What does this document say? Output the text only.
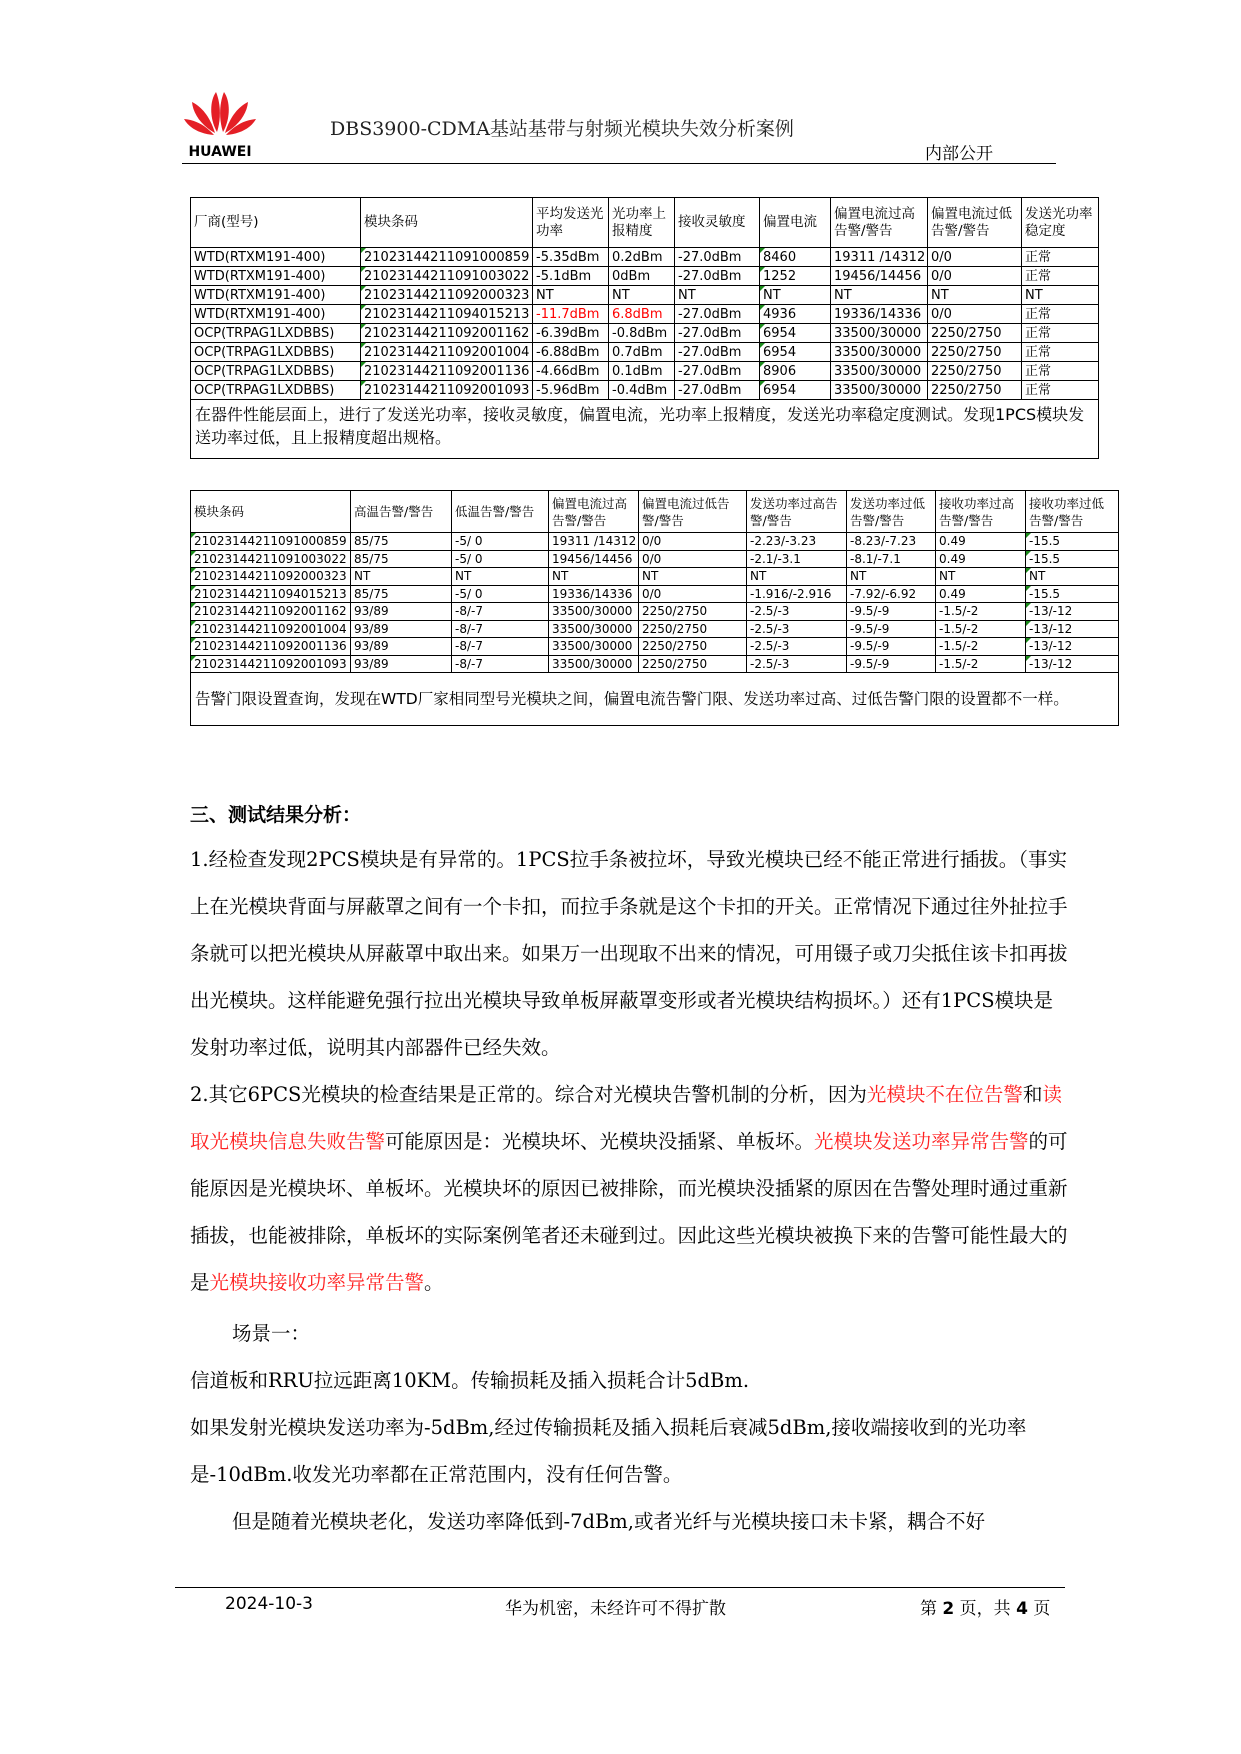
HUAWEI
DBS3900-CDMA基站基带与射频光模块失效分析案例
内部公开
厂商(型号)	模块条码	平均发送光功率	光功率上报精度	接收灵敏度	偏置电流	偏置电流过高告警/警告	偏置电流过低告警/警告	发送光功率稳定度
WTD(RTXM191-400)	21023144211091000859	-5.35dBm	0.2dBm	-27.0dBm	8460	19311 /14312	0/0	正常
WTD(RTXM191-400)	21023144211091003022	-5.1dBm	0dBm	-27.0dBm	1252	19456/14456	0/0	正常
WTD(RTXM191-400)	21023144211092000323	NT	NT	NT	NT	NT	NT	NT
WTD(RTXM191-400)	21023144211094015213	-11.7dBm	6.8dBm	-27.0dBm	4936	19336/14336	0/0	正常
OCP(TRPAG1LXDBBS)	21023144211092001162	-6.39dBm	-0.8dBm	-27.0dBm	6954	33500/30000	2250/2750	正常
OCP(TRPAG1LXDBBS)	21023144211092001004	-6.88dBm	0.7dBm	-27.0dBm	6954	33500/30000	2250/2750	正常
OCP(TRPAG1LXDBBS)	21023144211092001136	-4.66dBm	0.1dBm	-27.0dBm	8906	33500/30000	2250/2750	正常
OCP(TRPAG1LXDBBS)	21023144211092001093	-5.96dBm	-0.4dBm	-27.0dBm	6954	33500/30000	2250/2750	正常
在器件性能层面上，进行了发送光功率，接收灵敏度，偏置电流，光功率上报精度，发送光功率稳定度测试。发现1PCS模块发送功率过低，且上报精度超出规格。								
模块条码	高温告警/警告	低温告警/警告	偏置电流过高告警/警告	偏置电流过低告警/警告	发送功率过高告警/警告	发送功率过低告警/警告	接收功率过高告警/警告	接收功率过低告警/警告
21023144211091000859	85/75	-5/ 0	19311 /14312	0/0	-2.23/-3.23	-8.23/-7.23	0.49	-15.5
21023144211091003022	85/75	-5/ 0	19456/14456	0/0	-2.1/-3.1	-8.1/-7.1	0.49	-15.5
21023144211092000323	NT	NT	NT	NT	NT	NT	NT	NT
21023144211094015213	85/75	-5/ 0	19336/14336	0/0	-1.916/-2.916	-7.92/-6.92	0.49	-15.5
21023144211092001162	93/89	-8/-7	33500/30000	2250/2750	-2.5/-3	-9.5/-9	-1.5/-2	-13/-12
21023144211092001004	93/89	-8/-7	33500/30000	2250/2750	-2.5/-3	-9.5/-9	-1.5/-2	-13/-12
21023144211092001136	93/89	-8/-7	33500/30000	2250/2750	-2.5/-3	-9.5/-9	-1.5/-2	-13/-12
21023144211092001093	93/89	-8/-7	33500/30000	2250/2750	-2.5/-3	-9.5/-9	-1.5/-2	-13/-12
告警门限设置查询，发现在WTD厂家相同型号光模块之间，偏置电流告警门限、发送功率过高、过低告警门限的设置都不一样。								
三、测试结果分析：
1.经检查发现2PCS模块是有异常的。1PCS拉手条被拉坏，导致光模块已经不能正常进行插拔。（事实上在光模块背面与屏蔽罩之间有一个卡扣，而拉手条就是这个卡扣的开关。正常情况下通过往外扯拉手条就可以把光模块从屏蔽罩中取出来。如果万一出现取不出来的情况，可用镊子或刀尖抵住该卡扣再拔出光模块。这样能避免强行拉出光模块导致单板屏蔽罩变形或者光模块结构损坏。）还有1PCS模块是发射功率过低，说明其内部器件已经失效。
2.其它6PCS光模块的检查结果是正常的。综合对光模块告警机制的分析，因为光模块不在位告警和读取光模块信息失败告警可能原因是：光模块坏、光模块没插紧、单板坏。光模块发送功率异常告警的可能原因是光模块坏、单板坏。光模块坏的原因已被排除，而光模块没插紧的原因在告警处理时通过重新插拔，也能被排除，单板坏的实际案例笔者还未碰到过。因此这些光模块被换下来的告警可能性最大的是光模块接收功率异常告警。
场景一：
信道板和RRU拉远距离10KM。传输损耗及插入损耗合计5dBm.
如果发射光模块发送功率为-5dBm,经过传输损耗及插入损耗后衰减5dBm,接收端接收到的光功率是-10dBm.收发光功率都在正常范围内，没有任何告警。
但是随着光模块老化，发送功率降低到-7dBm,或者光纤与光模块接口未卡紧，耦合不好
2024-10-3	华为机密，未经许可不得扩散	第 2 页，共 4 页
